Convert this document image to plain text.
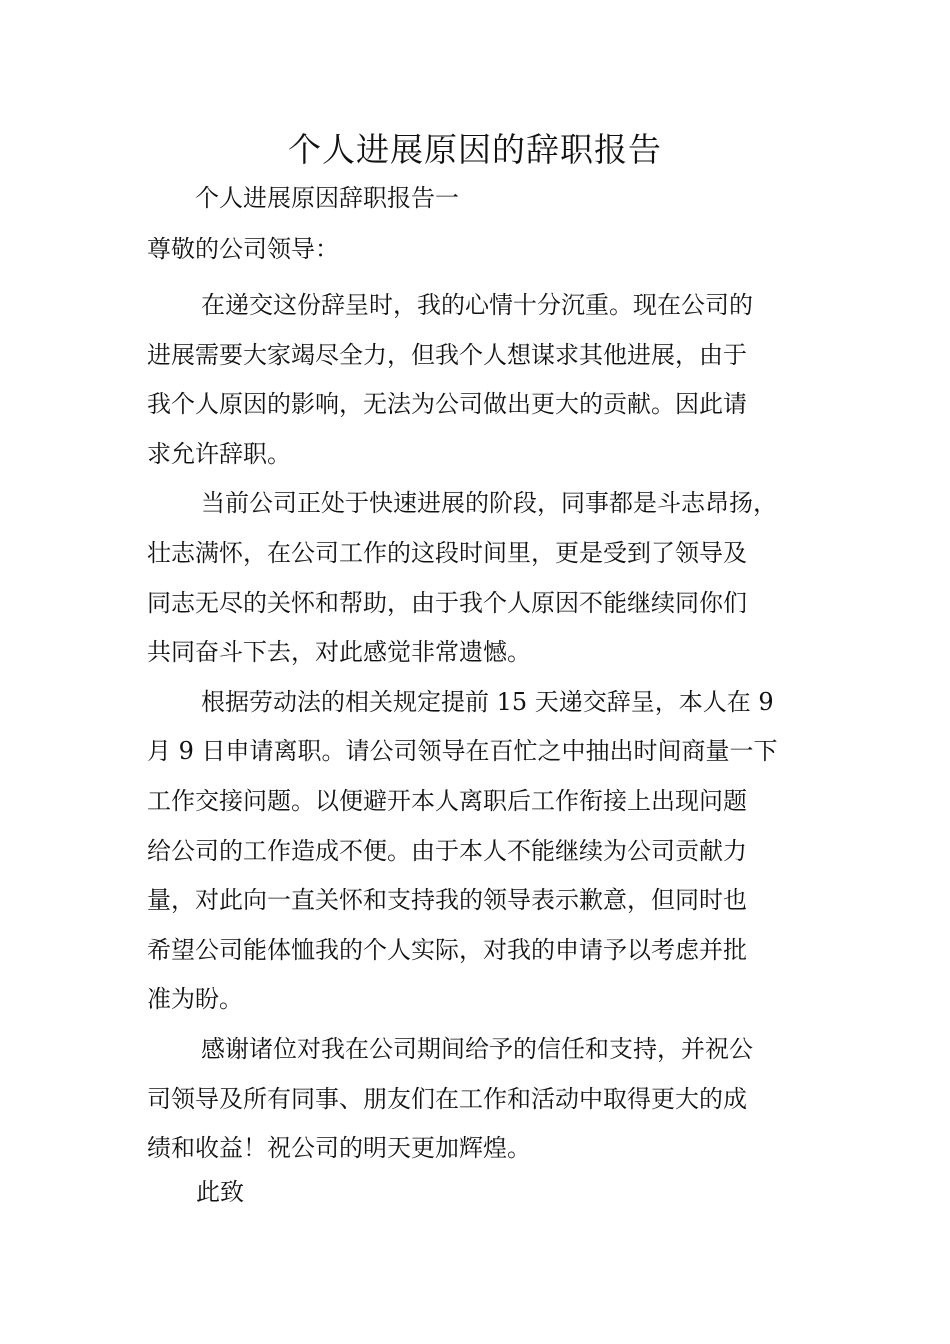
个人进展原因的辞职报告
个人进展原因辞职报告一
尊敬的公司领导：

在递交这份辞呈时，我的心情十分沉重。现在公司的
进展需要大家竭尽全力，但我个人想谋求其他进展，由于
我个人原因的影响，无法为公司做出更大的贡献。因此请
求允许辞职。

当前公司正处于快速进展的阶段，同事都是斗志昂扬，
壮志满怀，在公司工作的这段时间里，更是受到了领导及
同志无尽的关怀和帮助，由于我个人原因不能继续同你们
共同奋斗下去，对此感觉非常遗憾。

根据劳动法的相关规定提前 15 天递交辞呈，本人在 9
月 9 日申请离职。请公司领导在百忙之中抽出时间商量一下
工作交接问题。以便避开本人离职后工作衔接上出现问题
给公司的工作造成不便。由于本人不能继续为公司贡献力
量，对此向一直关怀和支持我的领导表示歉意，但同时也
希望公司能体恤我的个人实际，对我的申请予以考虑并批
准为盼。

感谢诸位对我在公司期间给予的信任和支持，并祝公
司领导及所有同事、朋友们在工作和活动中取得更大的成
绩和收益！祝公司的明天更加辉煌。

此致
